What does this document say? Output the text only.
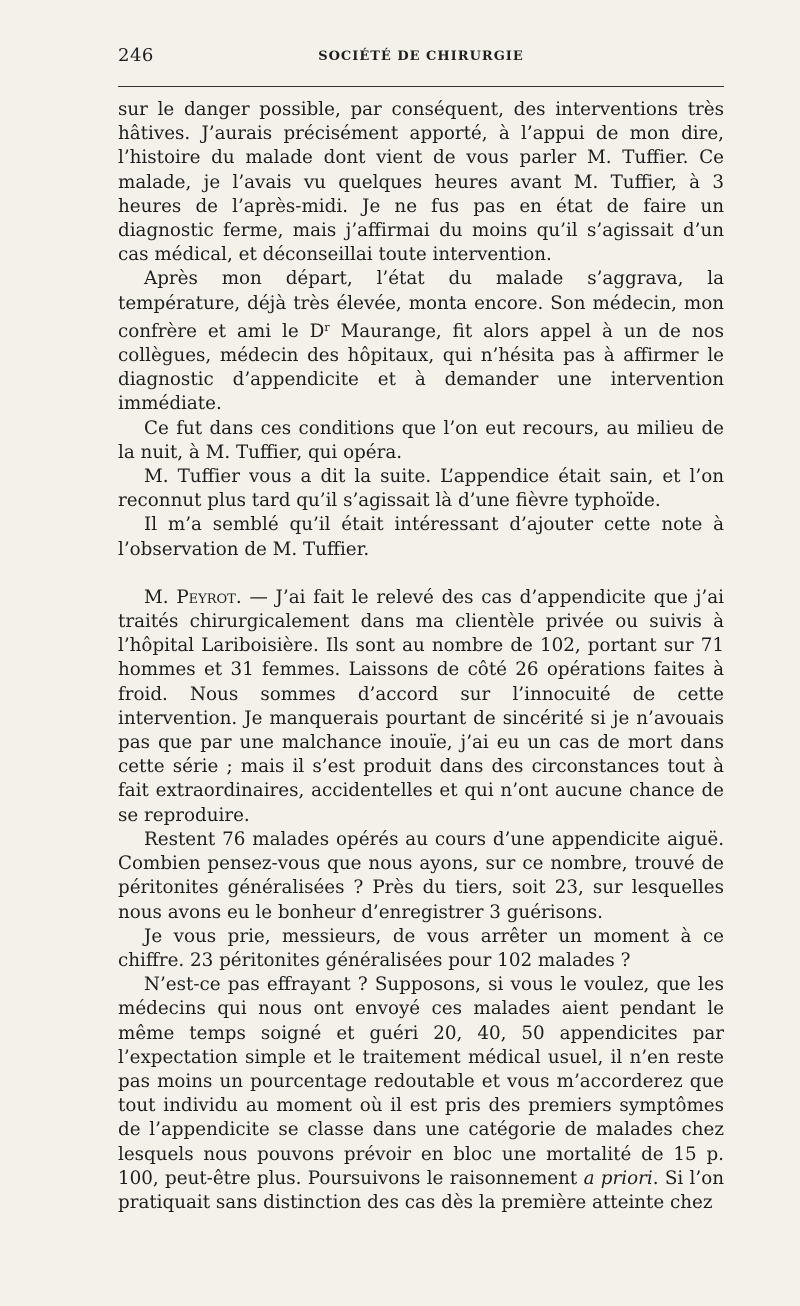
246	SOCIÉTÉ DE CHIRURGIE

sur le danger possible, par conséquent, des interventions très hâtives. J’aurais précisément apporté, à l’appui de mon dire, l’histoire du malade dont vient de vous parler M. Tuffier. Ce malade, je l’avais vu quelques heures avant M. Tuffier, à 3 heures de l’après-midi. Je ne fus pas en état de faire un diagnostic ferme, mais j’affirmai du moins qu’il s’agissait d’un cas médical, et déconseillai toute intervention.

Après mon départ, l’état du malade s’aggrava, la température, déjà très élevée, monta encore. Son médecin, mon confrère et ami le $D^r$ Maurange, fit alors appel à un de nos collègues, médecin des hôpitaux, qui n’hésita pas à affirmer le diagnostic d’appendicite et à demander une intervention immédiate.

Ce fut dans ces conditions que l’on eut recours, au milieu de la nuit, à M. Tuffier, qui opéra.

M. Tuffier vous a dit la suite. L’appendice était sain, et l’on reconnut plus tard qu’il s’agissait là d’une fièvre typhoïde.

Il m’a semblé qu’il était intéressant d’ajouter cette note à l’observation de M. Tuffier.

M. Peyrot. — J’ai fait le relevé des cas d’appendicite que j’ai traités chirurgicalement dans ma clientèle privée ou suivis à l’hôpital Lariboisière. Ils sont au nombre de 102, portant sur 71 hommes et 31 femmes. Laissons de côté 26 opérations faites à froid. Nous sommes d’accord sur l’innocuité de cette intervention. Je manquerais pourtant de sincérité si je n’avouais pas que par une malchance inouïe, j’ai eu un cas de mort dans cette série ; mais il s’est produit dans des circonstances tout à fait extraordinaires, accidentelles et qui n’ont aucune chance de se reproduire.

Restent 76 malades opérés au cours d’une appendicite aiguë. Combien pensez-vous que nous ayons, sur ce nombre, trouvé de péritonites généralisées ? Près du tiers, soit 23, sur lesquelles nous avons eu le bonheur d’enregistrer 3 guérisons.

Je vous prie, messieurs, de vous arrêter un moment à ce chiffre. 23 péritonites généralisées pour 102 malades ?

N’est-ce pas effrayant ? Supposons, si vous le voulez, que les médecins qui nous ont envoyé ces malades aient pendant le même temps soigné et guéri 20, 40, 50 appendicites par l’expectation simple et le traitement médical usuel, il n’en reste pas moins un pourcentage redoutable et vous m’accorderez que tout individu au moment où il est pris des premiers symptômes de l’appendicite se classe dans une catégorie de malades chez lesquels nous pouvons prévoir en bloc une mortalité de 15 p. 100, peut-être plus. Poursuivons le raisonnement a priori. Si l’on pratiquait sans distinction des cas dès la première atteinte chez
